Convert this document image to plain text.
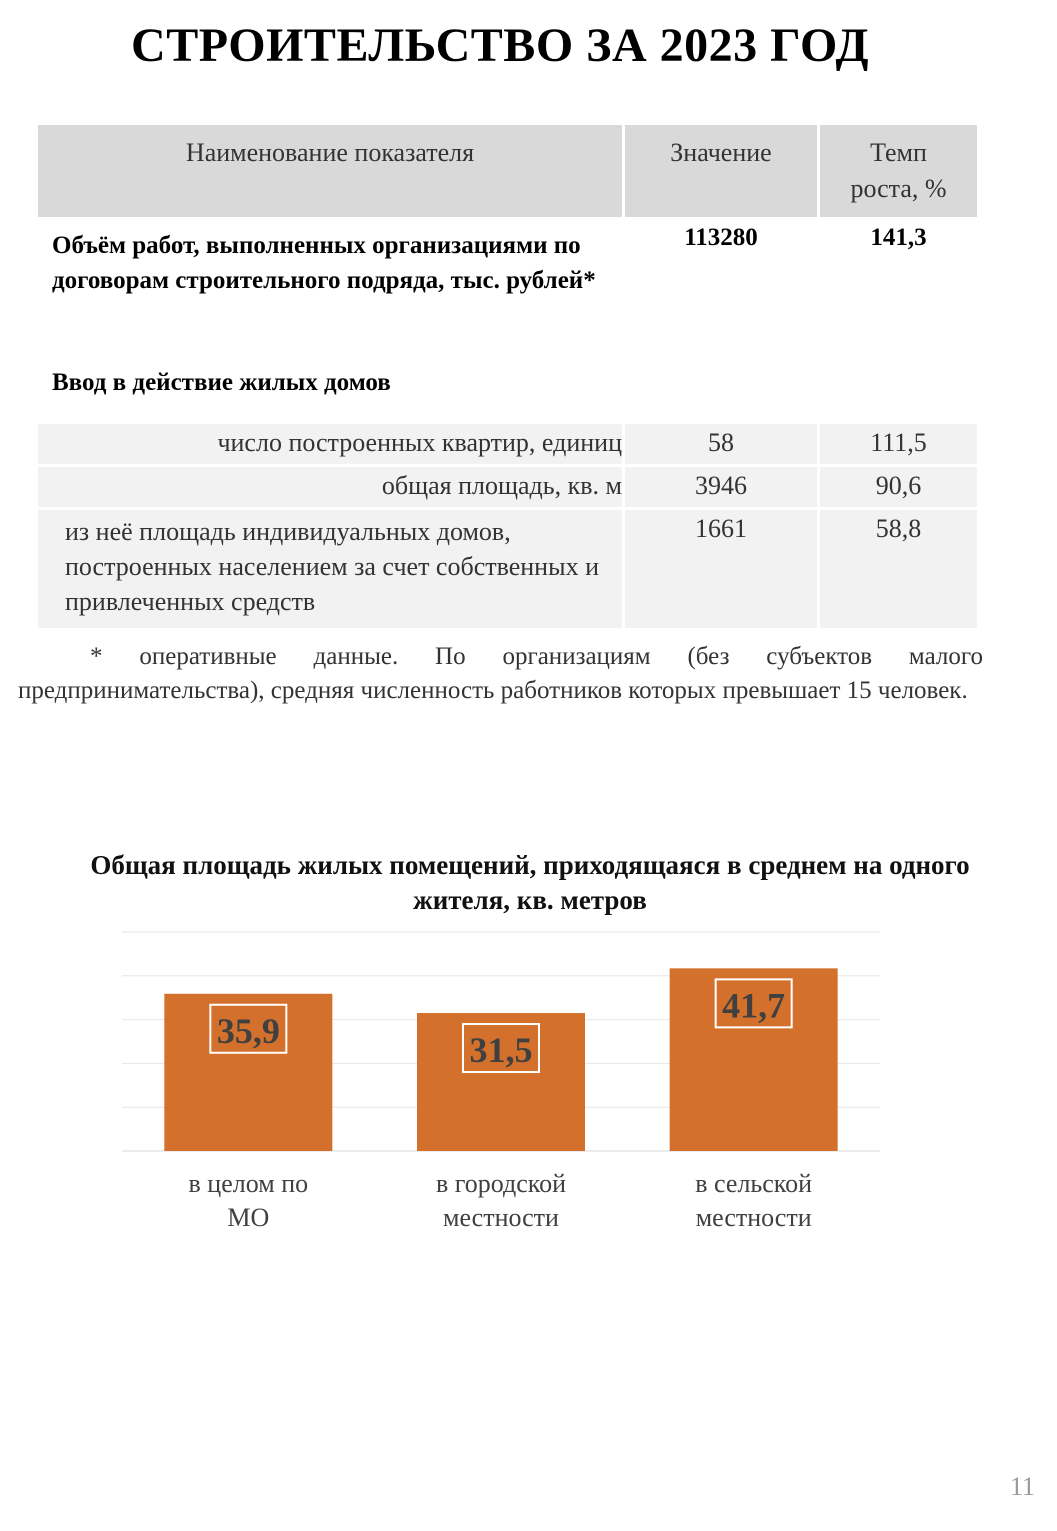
СТРОИТЕЛЬСТВО ЗА 2023 ГОД
Наименование показателя	Значение	Темп роста, %
Объём работ, выполненных организациями по договорам строительного подряда, тыс. рублей*	113280	141,3
Ввод в действие жилых домов		
число построенных квартир, единиц	58	111,5
общая площадь, кв. м	3946	90,6
из неё площадь индивидуальных домов, построенных населением за счет собственных и привлеченных средств	1661	58,8

* оперативные данные. По организациям (без субъектов малого предпринимательства), средняя численность работников которых превышает 15 человек.

Общая площадь жилых помещений, приходящаяся в среднем на одного жителя, кв. метров
35,9
в целом по
МО
31,5
в городской
местности
41,7
в сельской
местности
11
